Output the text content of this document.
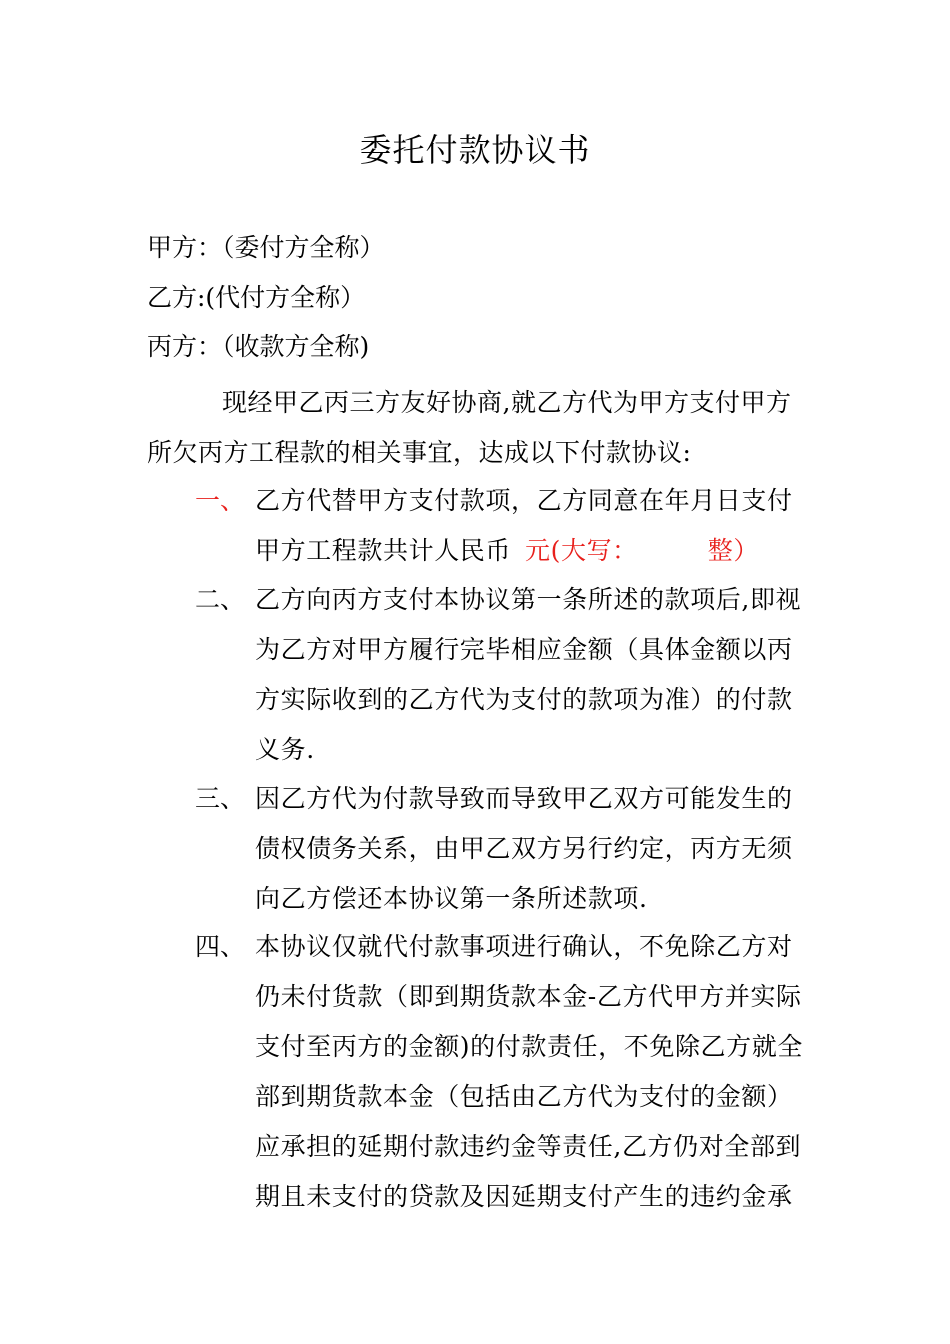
委托付款协议书
甲方：（委付方全称）
乙方:(代付方全称）
丙方：（收款方全称)
现经甲乙丙三方友好协商,就乙方代为甲方支付甲方所欠丙方工程款的相关事宜，达成以下付款协议:
一、 乙方代替甲方支付款项，乙方同意在年月日支付甲方工程款共计人民币 元(大写：	整）
二、 乙方向丙方支付本协议第一条所述的款项后,即视为乙方对甲方履行完毕相应金额（具体金额以丙方实际收到的乙方代为支付的款项为准）的付款义务.
三、 因乙方代为付款导致而导致甲乙双方可能发生的债权债务关系，由甲乙双方另行约定，丙方无须向乙方偿还本协议第一条所述款项.
四、 本协议仅就代付款事项进行确认，不免除乙方对仍未付货款（即到期货款本金-乙方代甲方并实际支付至丙方的金额)的付款责任，不免除乙方就全部到期货款本金（包括由乙方代为支付的金额）应承担的延期付款违约金等责任,乙方仍对全部到期且未支付的贷款及因延期支付产生的违约金承
